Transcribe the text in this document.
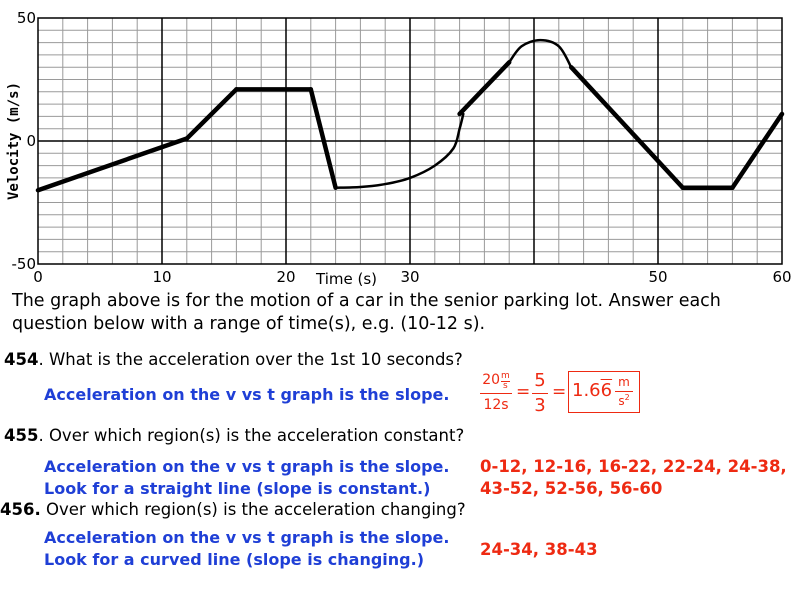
0	10	20	30	50	60
50
0
-50
Time (s)
Velocity (m/s)
The graph above is for the motion of a car in the senior parking lot. Answer each question below with a range of time(s), e.g. (10-12 s).
454. What is the acceleration over the 1st 10 seconds?
Acceleration on the v vs t graph is the slope.
$20 \frac{m}{s}$
12s
=
5
3
= 1.66 m
$s^2$
455. Over which region(s) is the acceleration constant?
Acceleration on the v vs t graph is the slope.
Look for a straight line (slope is constant.)
0-12, 12-16, 16-22, 22-24, 24-38,
43-52, 52-56, 56-60
456. Over which region(s) is the acceleration changing?
Acceleration on the v vs t graph is the slope.
Look for a curved line (slope is changing.)
24-34, 38-43
